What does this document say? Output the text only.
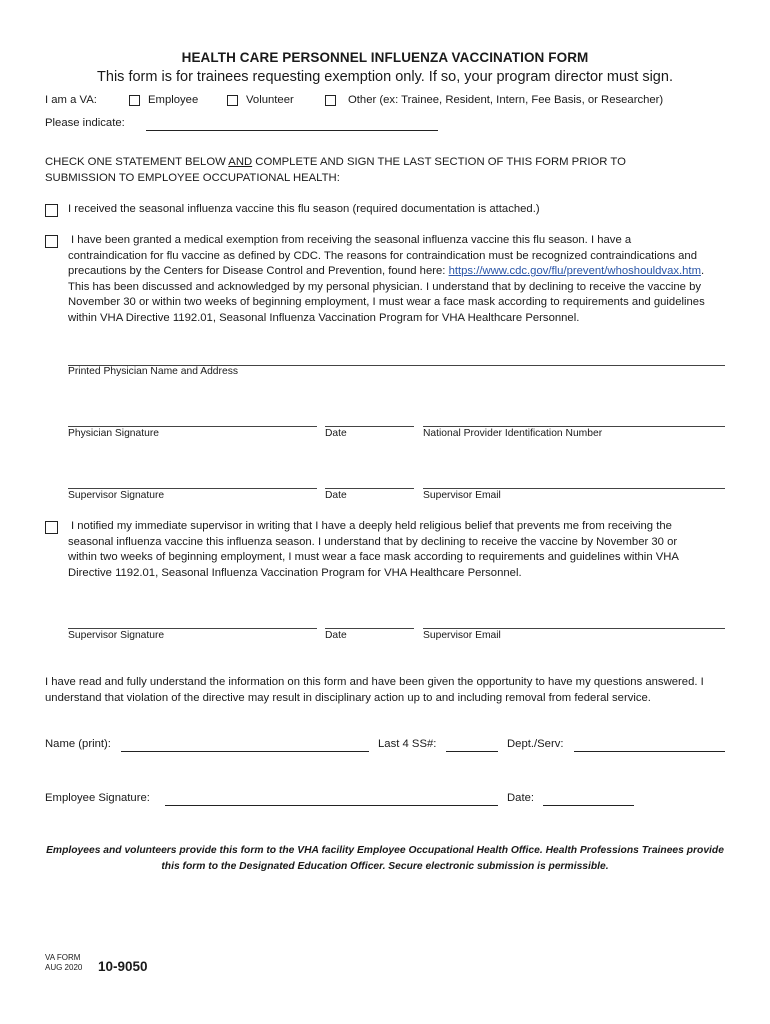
HEALTH CARE PERSONNEL INFLUENZA VACCINATION FORM
This form is for trainees requesting exemption only. If so, your program director must sign.
I am a VA:	Employee	Volunteer	Other (ex: Trainee, Resident, Intern, Fee Basis, or Researcher)
Please indicate:
CHECK ONE STATEMENT BELOW AND COMPLETE AND SIGN THE LAST SECTION OF THIS FORM PRIOR TO
SUBMISSION TO EMPLOYEE OCCUPATIONAL HEALTH:
I received the seasonal influenza vaccine this flu season (required documentation is attached.)
I have been granted a medical exemption from receiving the seasonal influenza vaccine this flu season. I have a contraindication for flu vaccine as defined by CDC. The reasons for contraindication must be recognized contraindications and precautions by the Centers for Disease Control and Prevention, found here: https://www.cdc.gov/flu/prevent/whoshouldvax.htm. This has been discussed and acknowledged by my personal physician. I understand that by declining to receive the vaccine by November 30 or within two weeks of beginning employment, I must wear a face mask according to requirements and guidelines within VHA Directive 1192.01, Seasonal Influenza Vaccination Program for VHA Healthcare Personnel.
Printed Physician Name and Address
Physician Signature	Date	National Provider Identification Number
Supervisor Signature	Date	Supervisor Email
I notified my immediate supervisor in writing that I have a deeply held religious belief that prevents me from receiving the seasonal influenza vaccine this influenza season. I understand that by declining to receive the vaccine by November 30 or within two weeks of beginning employment, I must wear a face mask according to requirements and guidelines within VHA Directive 1192.01, Seasonal Influenza Vaccination Program for VHA Healthcare Personnel.
Supervisor Signature	Date	Supervisor Email
I have read and fully understand the information on this form and have been given the opportunity to have my questions answered. I understand that violation of the directive may result in disciplinary action up to and including removal from federal service.
Name (print):	Last 4 SS#:	Dept./Serv:
Employee Signature:	Date:
Employees and volunteers provide this form to the VHA facility Employee Occupational Health Office. Health Professions Trainees provide this form to the Designated Education Officer. Secure electronic submission is permissible.
VA FORM
AUG 2020 10-9050
